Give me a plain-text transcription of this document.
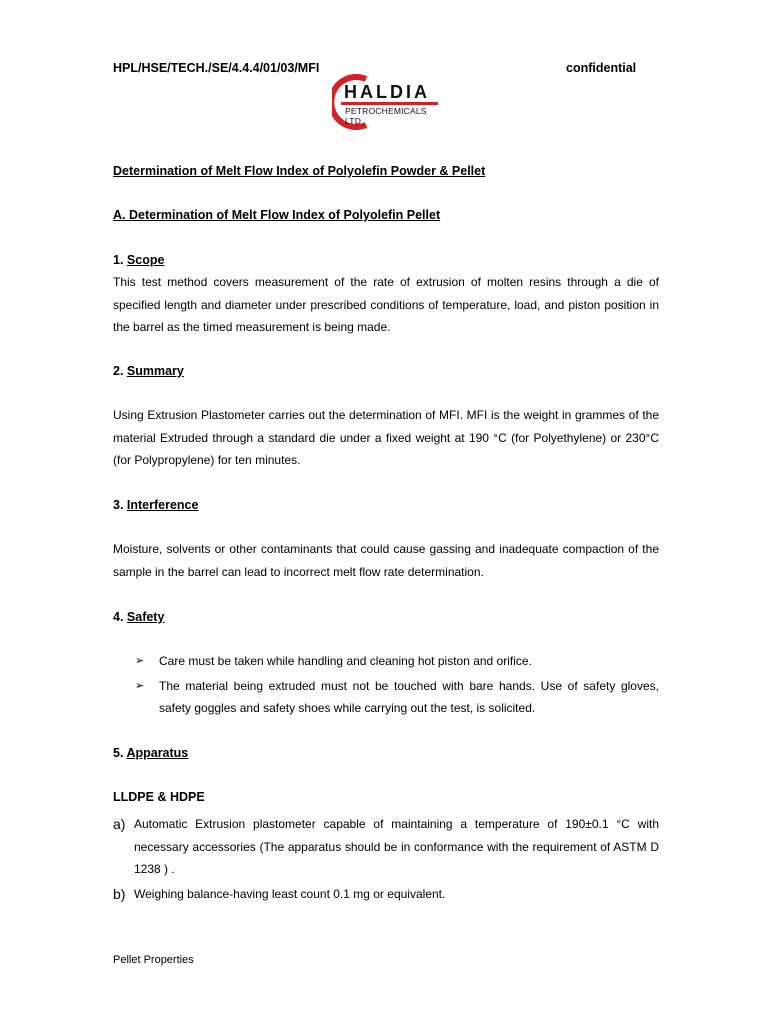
HPL/HSE/TECH./SE/4.4.4/01/03/MFI	confidential
HALDIA
PETROCHEMICALS LTD
Determination of Melt Flow Index of Polyolefin Powder & Pellet
A. Determination of Melt Flow Index of Polyolefin Pellet
1. Scope
This test method covers measurement of the rate of extrusion of molten resins through a die of specified length and diameter under prescribed conditions of temperature, load, and piston position in the barrel as the timed measurement is being made.
2. Summary
Using Extrusion Plastometer carries out the determination of MFI. MFI is the weight in grammes of the material Extruded through a standard die under a fixed weight at 190 °C (for Polyethylene) or 230°C (for Polypropylene) for ten minutes.
3. Interference
Moisture, solvents or other contaminants that could cause gassing and inadequate compaction of the sample in the barrel can lead to incorrect melt flow rate determination.
4. Safety
➢ Care must be taken while handling and cleaning hot piston and orifice.
➢ The material being extruded must not be touched with bare hands. Use of safety gloves, safety goggles and safety shoes while carrying out the test, is solicited.
5. Apparatus
LLDPE & HDPE
a) Automatic Extrusion plastometer capable of maintaining a temperature of 190±0.1 °C with necessary accessories (The apparatus should be in conformance with the requirement of ASTM D 1238 ) .
b) Weighing balance-having least count 0.1 mg or equivalent.
Pellet Properties
